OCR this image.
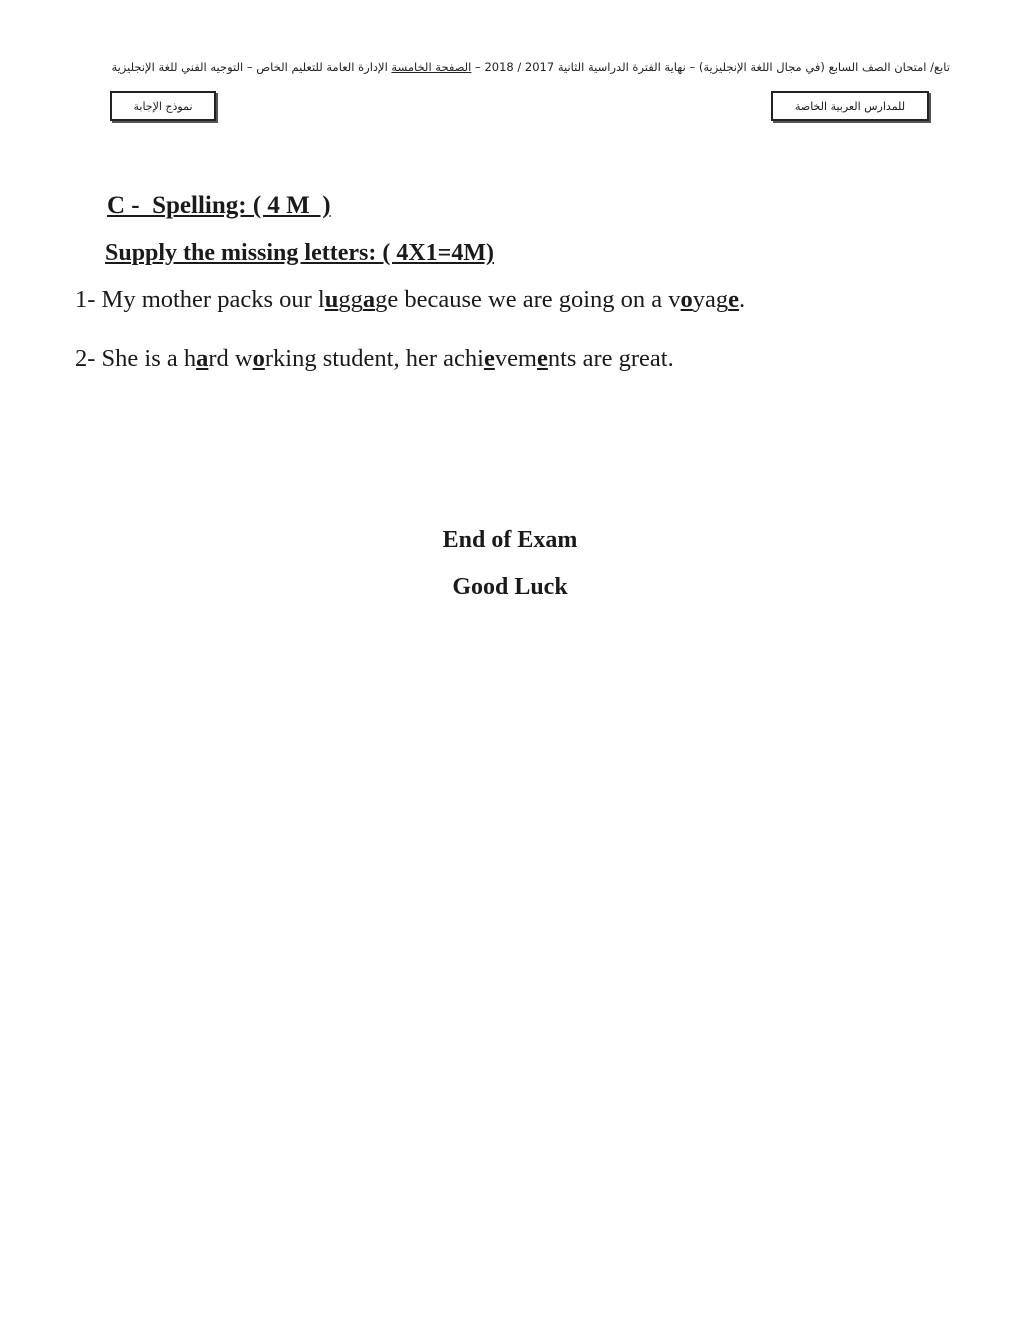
تابع/ امتحان الصف السابع (في مجال اللغة الإنجليزية) – نهاية الفترة الدراسية الثانية 2017 / 2018 – الصفحة الخامسة الإدارة العامة للتعليم الخاص – التوجيه الفني للغة الإنجليزية
نموذج الإجابة	للمدارس العربية الخاصة
C -  Spelling: ( 4 M  )
Supply the missing letters: ( 4X1=4M)
1- My mother packs our luggage because we are going on a voyage.
2- She is a hard working student, her achievements are great.
End of Exam
Good Luck
